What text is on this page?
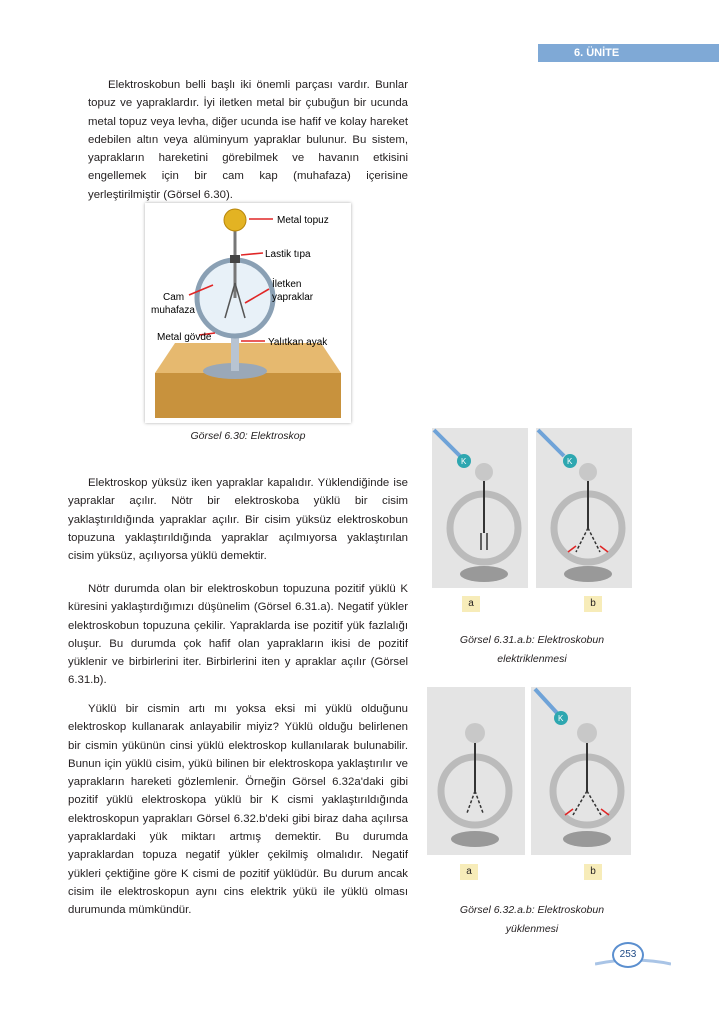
6. ÜNİTE

Elektroskobun belli başlı iki önemli parçası vardır. Bunlar topuz ve yapraklardır. İyi iletken metal bir çubuğun bir ucunda metal topuz veya levha, diğer ucunda ise hafif ve kolay hareket edebilen altın veya alüminyum yapraklar bulunur. Bu sistem, yaprakların hareketini görebilmek ve havanın etkisini engellemek için bir cam kap (muhafaza) içerisine yerleştirilmiştir (Görsel 6.30).

Metal topuz
Lastik tıpa
İletken
yapraklar
Cam
muhafaza
Metal gövde	Yalıtkan ayak
Görsel 6.30: Elektroskop

Elektroskop yüksüz iken yapraklar kapalıdır. Yüklendiğinde ise yapraklar açılır. Nötr bir elektroskoba yüklü bir cisim yaklaştırıldığında yapraklar açılır. Bir cisim yüksüz elektroskobun topuzuna yaklaştırıldığında yapraklar açılmıyorsa yaklaştırılan cisim yüksüz, açılıyorsa yüklü demektir.

Nötr durumda olan bir elektroskobun topuzuna pozitif yüklü K küresini yaklaştırdığımızı düşünelim (Görsel 6.31.a). Negatif yükler elektroskobun topuzuna çekilir. Yapraklarda ise pozitif yük fazlalığı oluşur. Bu durumda çok hafif olan yaprakların ikisi de pozitif yüklenir ve birbirlerini iter. Birbirlerini iten y apraklar açılır (Görsel 6.31.b).

Yüklü bir cismin artı mı yoksa eksi mi yüklü olduğunu elektroskop kullanarak anlayabilir miyiz? Yüklü olduğu belirlenen bir cismin yükünün cinsi yüklü elektroskop kullanılarak bulunabilir. Bunun için yüklü cisim, yükü bilinen bir elektroskopa yaklaştırılır ve yaprakların hareketi gözlemlenir. Örneğin Görsel 6.32a'daki gibi pozitif yüklü elektroskopa yüklü bir K cismi yaklaştırıldığında elektroskopun yaprakları Görsel 6.32.b'deki gibi biraz daha açılırsa yapraklardaki yük miktarı artmış demektir. Bu durumda yapraklardan topuza negatif yükler çekilmiş olmalıdır. Negatif yükleri çektiğine göre K cismi de pozitif yüklüdür. Bu durum ancak cisim ile elektroskopun aynı cins elektrik yükü ile yüklü olması durumunda mümkündür.

K	K
a	b
Görsel 6.31.a.b: Elektroskobun
elektriklenmesi
K
a	b
Görsel 6.32.a.b: Elektroskobun
yüklenmesi
253
